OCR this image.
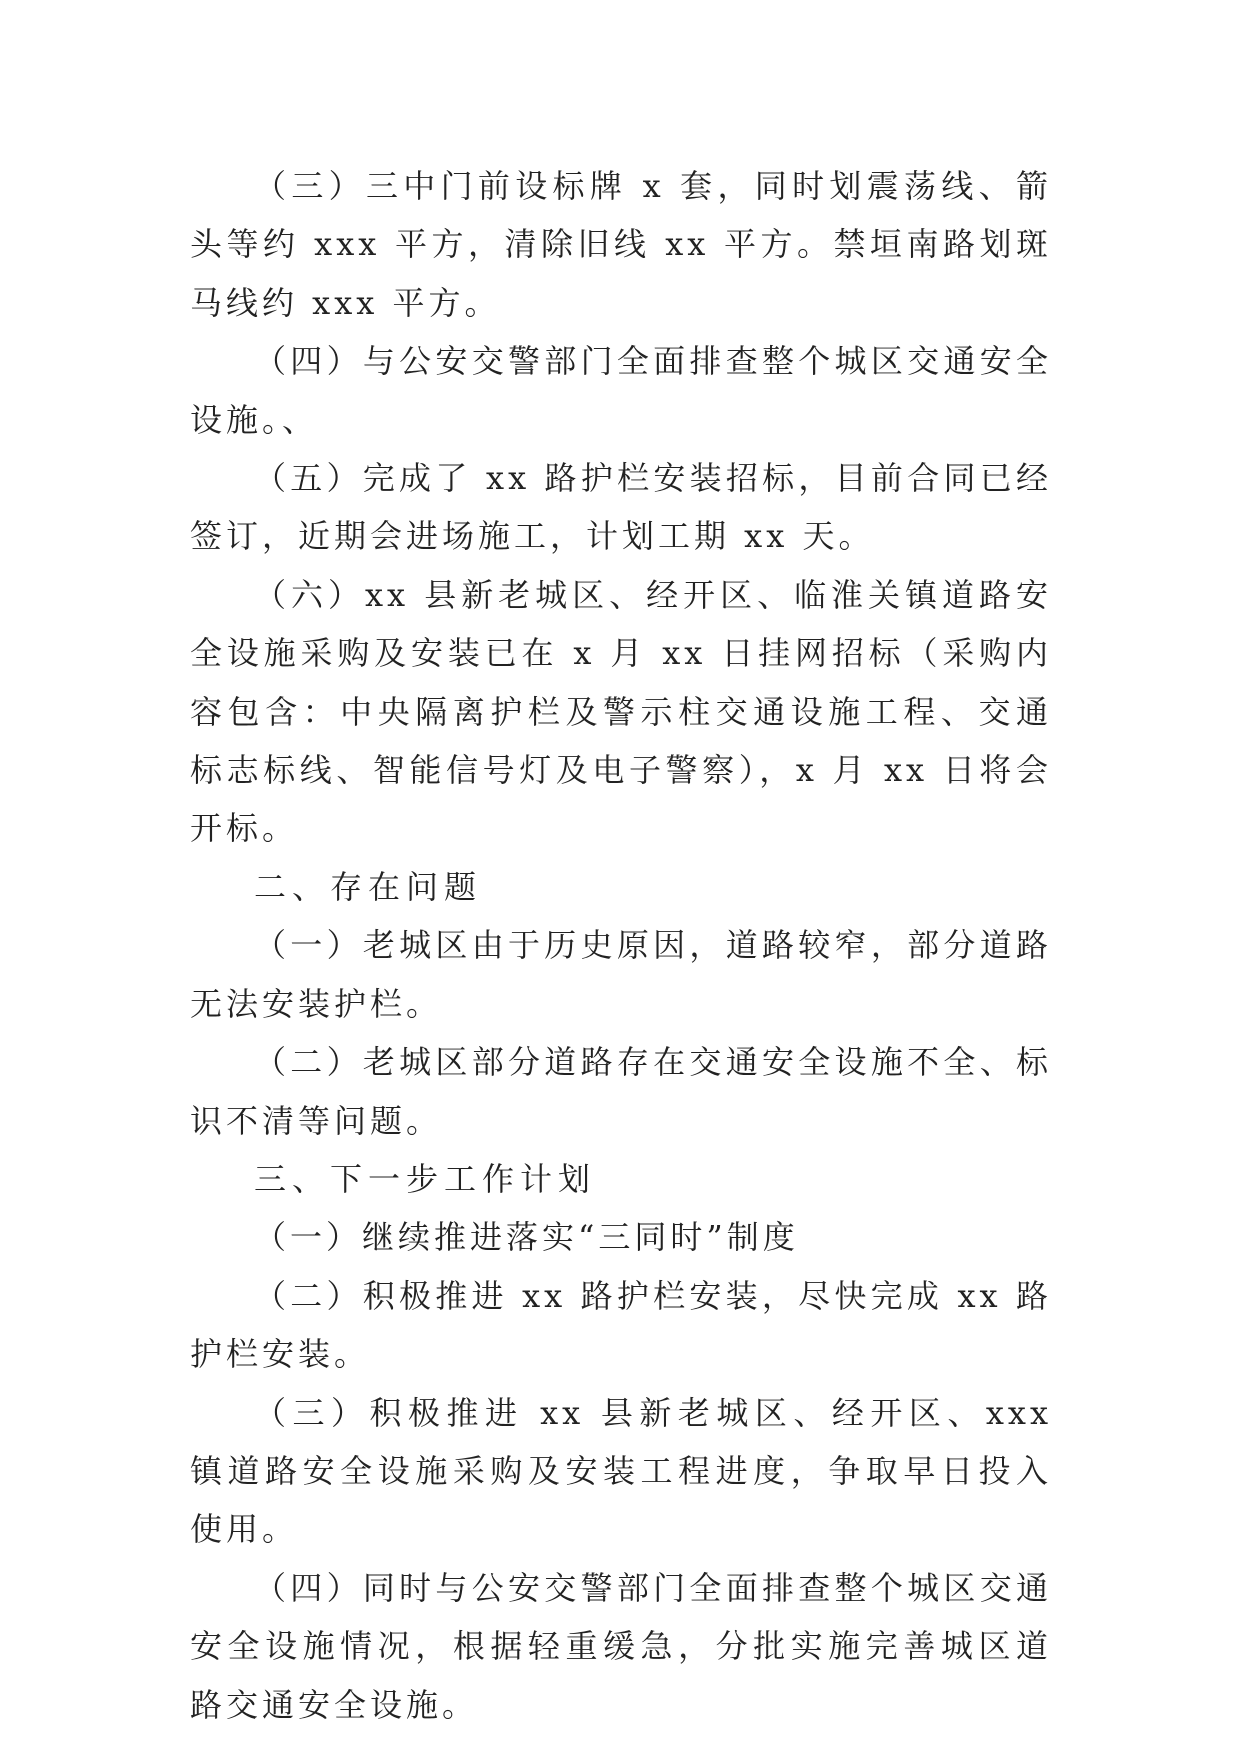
（三）三中门前设标牌 x 套，同时划震荡线、箭头等约 xxx 平方，清除旧线 xx 平方。禁垣南路划斑马线约 xxx 平方。

（四）与公安交警部门全面排查整个城区交通安全设施。、

（五）完成了 xx 路护栏安装招标，目前合同已经签订，近期会进场施工，计划工期 xx 天。

（六）xx 县新老城区、经开区、临淮关镇道路安全设施采购及安装已在 x 月 xx 日挂网招标（采购内容包含：中央隔离护栏及警示柱交通设施工程、交通标志标线、智能信号灯及电子警察），x 月 xx 日将会开标。

二、存在问题

（一）老城区由于历史原因，道路较窄，部分道路无法安装护栏。

（二）老城区部分道路存在交通安全设施不全、标识不清等问题。

三、下一步工作计划

（一）继续推进落实“三同时”制度

（二）积极推进 xx 路护栏安装，尽快完成 xx 路护栏安装。

（三）积极推进 xx 县新老城区、经开区、xxx 镇道路安全设施采购及安装工程进度，争取早日投入使用。

（四）同时与公安交警部门全面排查整个城区交通安全设施情况，根据轻重缓急，分批实施完善城区道路交通安全设施。
